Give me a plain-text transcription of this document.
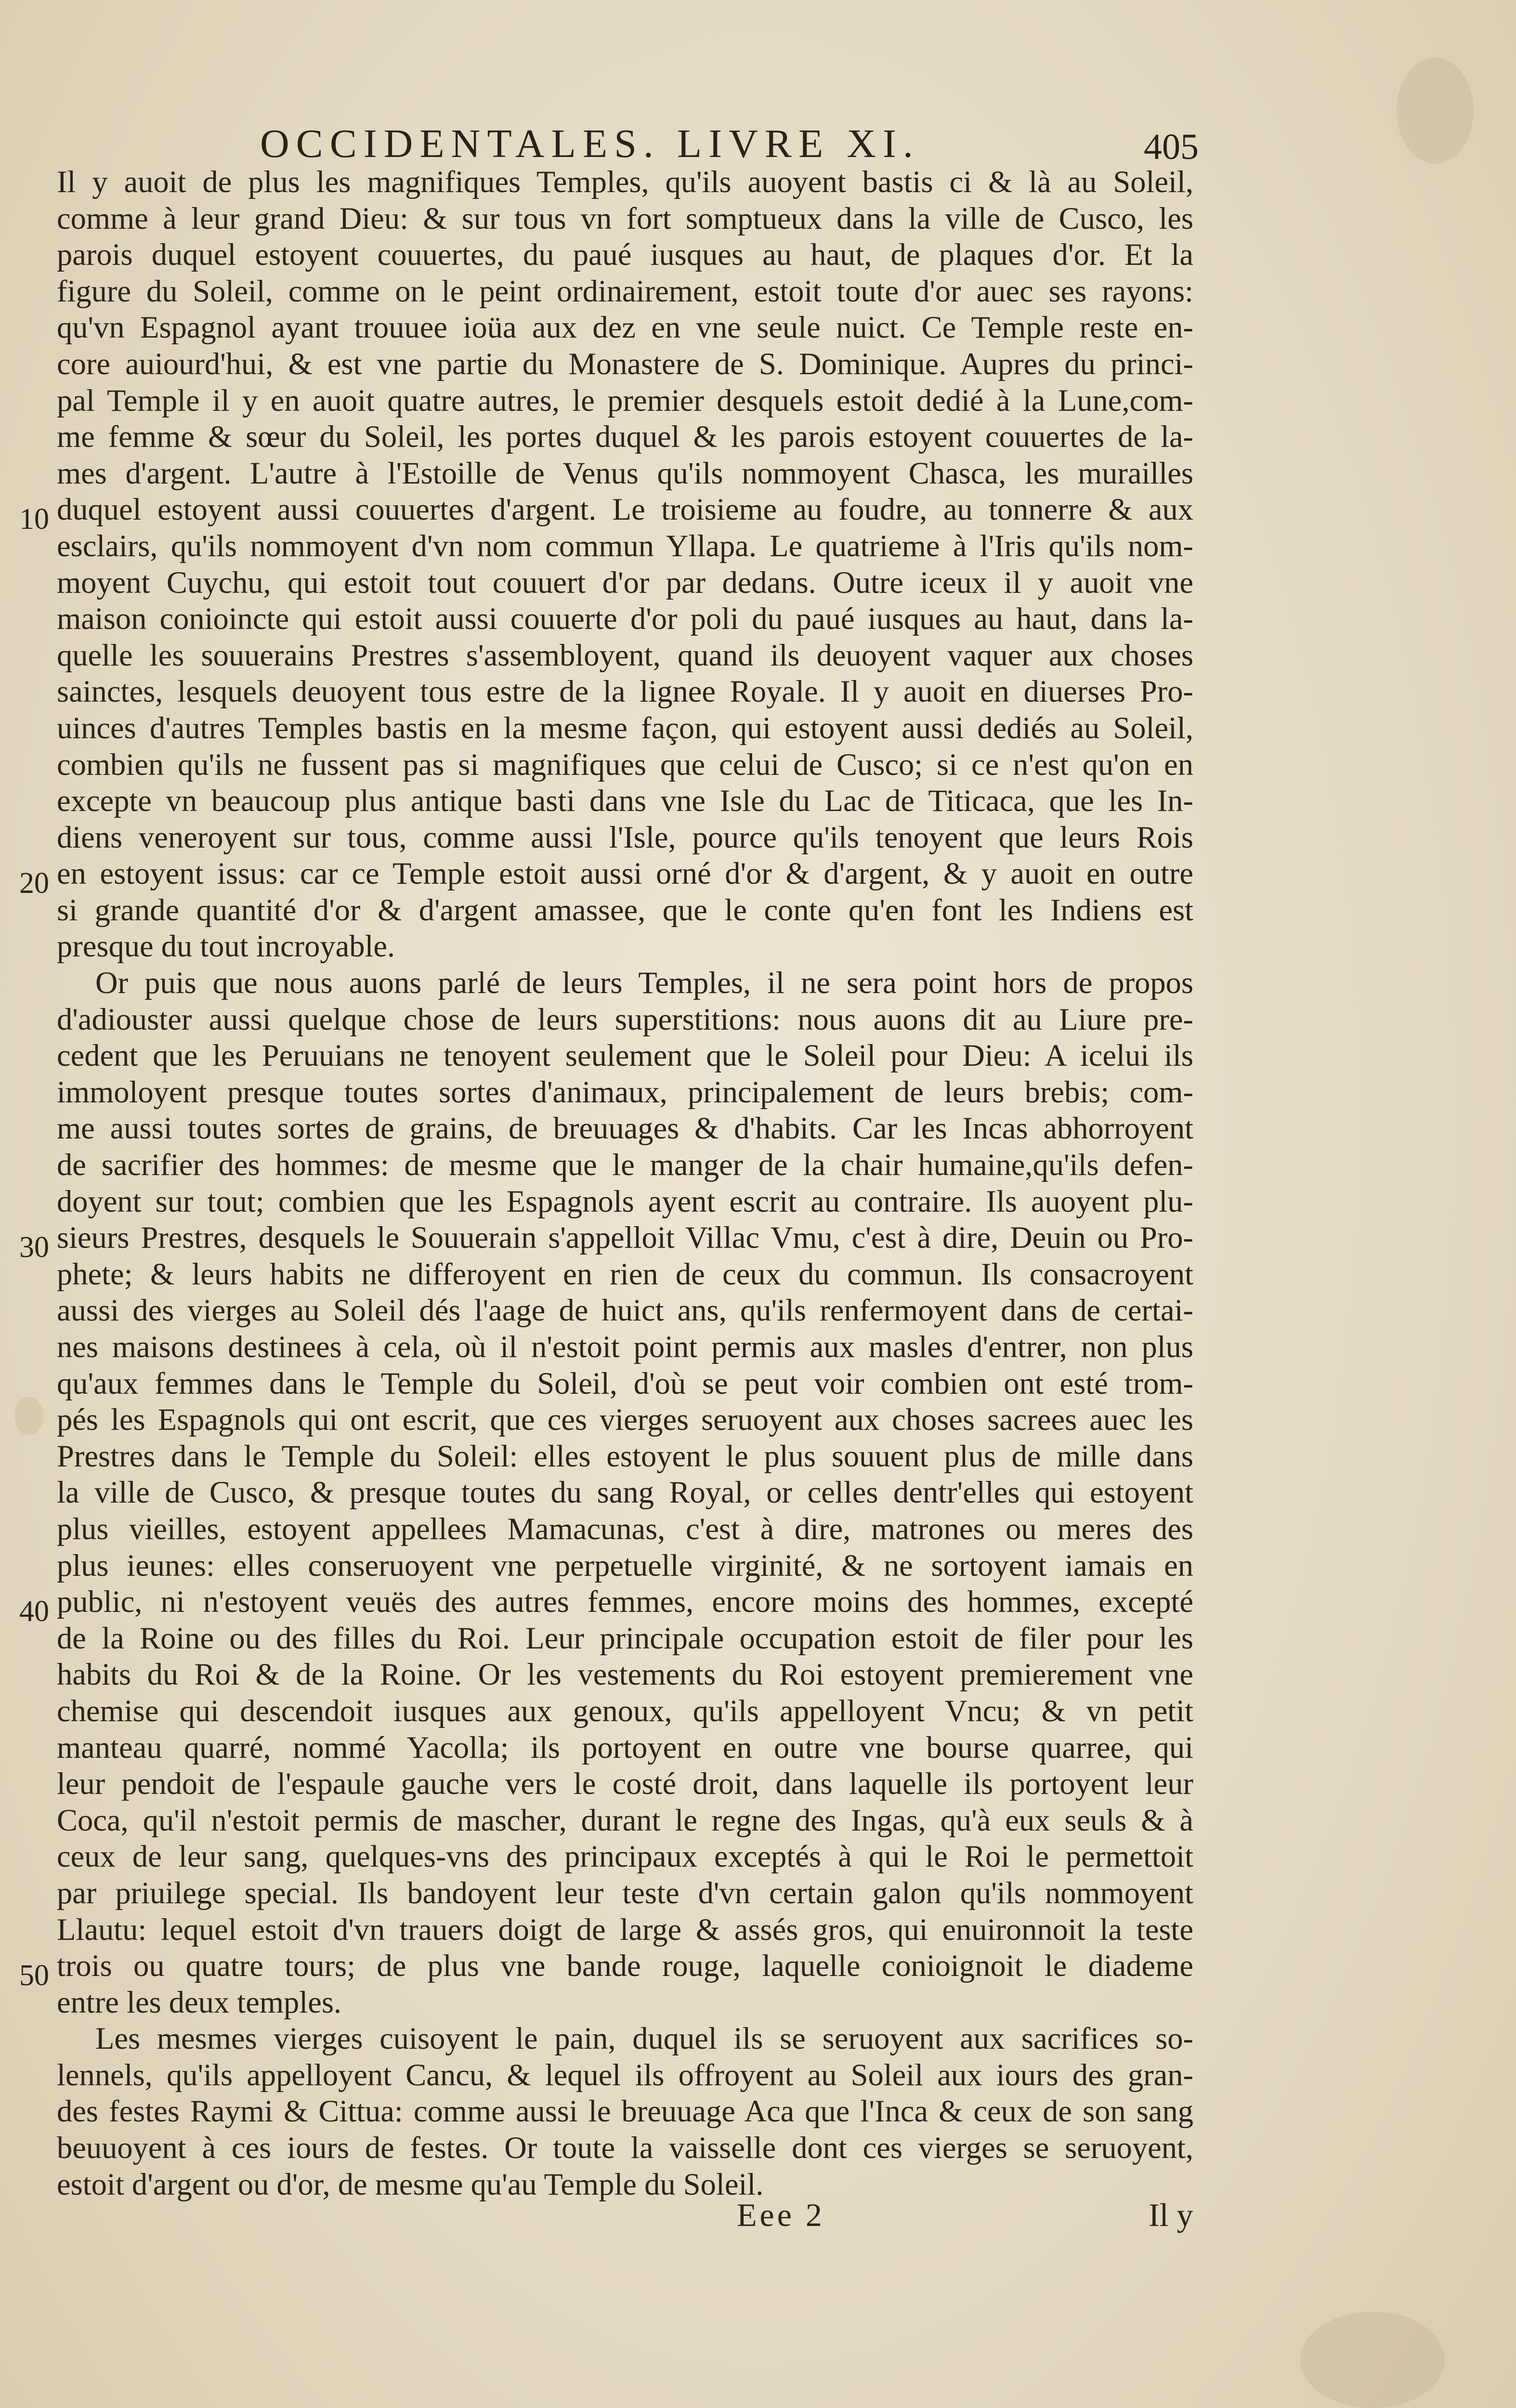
OCCIDENTALES. LIVRE XI.	405
10
20
30
40
50
Il y auoit de plus les magnifiques Temples, qu'ils auoyent bastis ci & là au Soleil,
comme à leur grand Dieu: & sur tous vn fort somptueux dans la ville de Cusco, les
parois duquel estoyent couuertes, du paué iusques au haut, de plaques d'or. Et la
figure du Soleil, comme on le peint ordinairement, estoit toute d'or auec ses rayons:
qu'vn Espagnol ayant trouuee ioüa aux dez en vne seule nuict. Ce Temple reste en-
core auiourd'hui, & est vne partie du Monastere de S. Dominique. Aupres du princi-
pal Temple il y en auoit quatre autres, le premier desquels estoit dedié à la Lune,com-
me femme & sœur du Soleil, les portes duquel & les parois estoyent couuertes de la-
mes d'argent. L'autre à l'Estoille de Venus qu'ils nommoyent Chasca, les murailles
duquel estoyent aussi couuertes d'argent. Le troisieme au foudre, au tonnerre & aux
esclairs, qu'ils nommoyent d'vn nom commun Yllapa. Le quatrieme à l'Iris qu'ils nom-
moyent Cuychu, qui estoit tout couuert d'or par dedans. Outre iceux il y auoit vne
maison conioincte qui estoit aussi couuerte d'or poli du paué iusques au haut, dans la-
quelle les souuerains Prestres s'assembloyent, quand ils deuoyent vaquer aux choses
sainctes, lesquels deuoyent tous estre de la lignee Royale. Il y auoit en diuerses Pro-
uinces d'autres Temples bastis en la mesme façon, qui estoyent aussi dediés au Soleil,
combien qu'ils ne fussent pas si magnifiques que celui de Cusco; si ce n'est qu'on en
excepte vn beaucoup plus antique basti dans vne Isle du Lac de Titicaca, que les In-
diens veneroyent sur tous, comme aussi l'Isle, pource qu'ils tenoyent que leurs Rois
en estoyent issus: car ce Temple estoit aussi orné d'or & d'argent, & y auoit en outre
si grande quantité d'or & d'argent amassee, que le conte qu'en font les Indiens est
presque du tout incroyable.
Or puis que nous auons parlé de leurs Temples, il ne sera point hors de propos
d'adiouster aussi quelque chose de leurs superstitions: nous auons dit au Liure pre-
cedent que les Peruuians ne tenoyent seulement que le Soleil pour Dieu: A icelui ils
immoloyent presque toutes sortes d'animaux, principalement de leurs brebis; com-
me aussi toutes sortes de grains, de breuuages & d'habits. Car les Incas abhorroyent
de sacrifier des hommes: de mesme que le manger de la chair humaine,qu'ils defen-
doyent sur tout; combien que les Espagnols ayent escrit au contraire. Ils auoyent plu-
sieurs Prestres, desquels le Souuerain s'appelloit Villac Vmu, c'est à dire, Deuin ou Pro-
phete; & leurs habits ne differoyent en rien de ceux du commun. Ils consacroyent
aussi des vierges au Soleil dés l'aage de huict ans, qu'ils renfermoyent dans de certai-
nes maisons destinees à cela, où il n'estoit point permis aux masles d'entrer, non plus
qu'aux femmes dans le Temple du Soleil, d'où se peut voir combien ont esté trom-
pés les Espagnols qui ont escrit, que ces vierges seruoyent aux choses sacrees auec les
Prestres dans le Temple du Soleil: elles estoyent le plus souuent plus de mille dans
la ville de Cusco, & presque toutes du sang Royal, or celles dentr'elles qui estoyent
plus vieilles, estoyent appellees Mamacunas, c'est à dire, matrones ou meres des
plus ieunes: elles conseruoyent vne perpetuelle virginité, & ne sortoyent iamais en
public, ni n'estoyent veuës des autres femmes, encore moins des hommes, excepté
de la Roine ou des filles du Roi. Leur principale occupation estoit de filer pour les
habits du Roi & de la Roine. Or les vestements du Roi estoyent premierement vne
chemise qui descendoit iusques aux genoux, qu'ils appelloyent Vncu; & vn petit
manteau quarré, nommé Yacolla; ils portoyent en outre vne bourse quarree, qui
leur pendoit de l'espaule gauche vers le costé droit, dans laquelle ils portoyent leur
Coca, qu'il n'estoit permis de mascher, durant le regne des Ingas, qu'à eux seuls & à
ceux de leur sang, quelques-vns des principaux exceptés à qui le Roi le permettoit
par priuilege special. Ils bandoyent leur teste d'vn certain galon qu'ils nommoyent
Llautu: lequel estoit d'vn trauers doigt de large & assés gros, qui enuironnoit la teste
trois ou quatre tours; de plus vne bande rouge, laquelle conioignoit le diademe
entre les deux temples.
Les mesmes vierges cuisoyent le pain, duquel ils se seruoyent aux sacrifices so-
lennels, qu'ils appelloyent Cancu, & lequel ils offroyent au Soleil aux iours des gran-
des festes Raymi & Cittua: comme aussi le breuuage Aca que l'Inca & ceux de son sang
beuuoyent à ces iours de festes. Or toute la vaisselle dont ces vierges se seruoyent,
estoit d'argent ou d'or, de mesme qu'au Temple du Soleil.
Eee 2	Il y
